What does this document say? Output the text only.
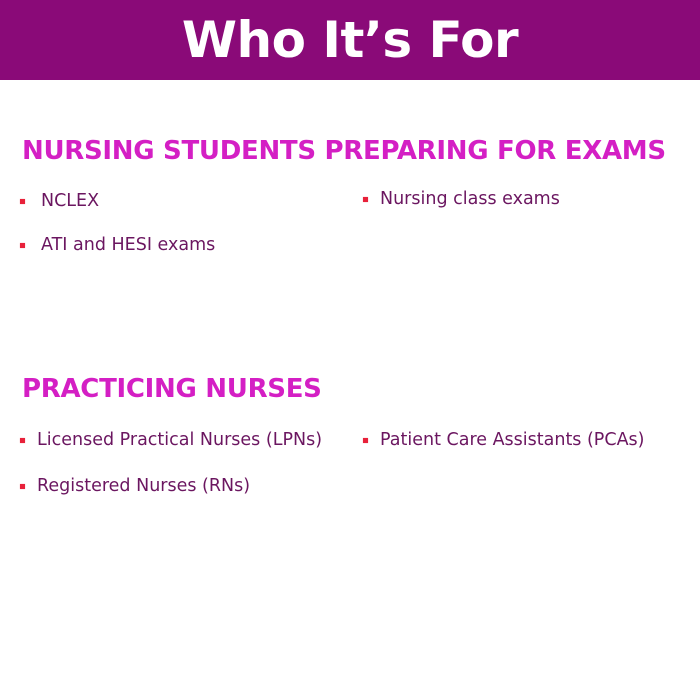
Who It’s For
NURSING STUDENTS PREPARING FOR EXAMS
NCLEX
ATI and HESI exams
Nursing class exams
PRACTICING NURSES
Licensed Practical Nurses (LPNs)
Registered Nurses (RNs)
Patient Care Assistants (PCAs)
